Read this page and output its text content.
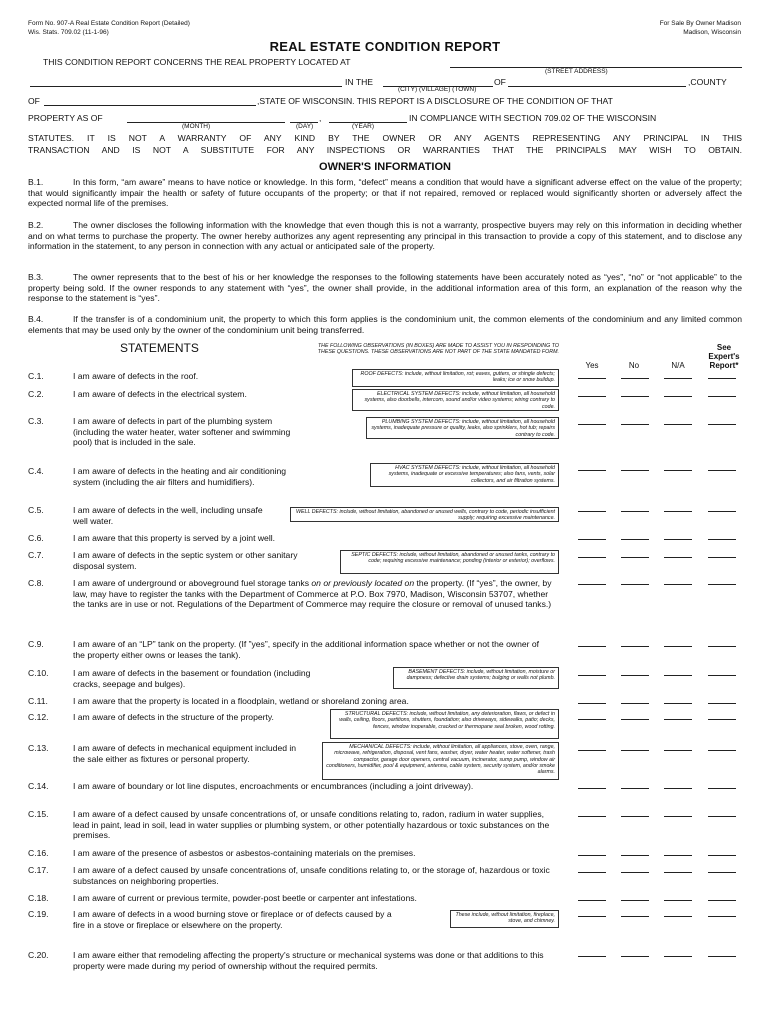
Form No. 907-A Real Estate Condition Report (Detailed)
Wis. Stats. 709.02 (11-1-96)
For Sale By Owner Madison
Madison, Wisconsin
REAL ESTATE CONDITION REPORT
THIS CONDITION REPORT CONCERNS THE REAL PROPERTY LOCATED AT
(STREET ADDRESS)
IN THE	OF	,COUNTY
(CITY) (VILLAGE) (TOWN)
OF	,STATE OF WISCONSIN. THIS REPORT IS A DISCLOSURE OF THE CONDITION OF THAT
PROPERTY AS OF	,	IN COMPLIANCE WITH SECTION 709.02 OF THE WISCONSIN
(MONTH)	(DAY)	(YEAR)
STATUTES. IT IS NOT A WARRANTY OF ANY KIND BY THE OWNER OR ANY AGENTS REPRESENTING ANY PRINCIPAL IN THIS
TRANSACTION AND IS NOT A SUBSTITUTE FOR ANY INSPECTIONS OR WARRANTIES THAT THE PRINCIPALS MAY WISH TO OBTAIN.
OWNER'S INFORMATION
B.1.	In this form, “am aware” means to have notice or knowledge. In this form, “defect” means a condition that would have a significant adverse effect on the value of the property; that would significantly impair the health or safety of future occupants of the property; or that if not repaired, removed or replaced would significantly shorten or adversely affect the expected normal life of the premises.
B.2.	The owner discloses the following information with the knowledge that even though this is not a warranty, prospective buyers may rely on this information in deciding whether and on what terms to purchase the property. The owner hereby authorizes any agent representing any principal in this transaction to provide a copy of this statement, and to disclose any information in the statement, to any person in connection with any actual or anticipated sale of the property.
B.3.	The owner represents that to the best of his or her knowledge the responses to the following statements have been accurately noted as “yes”, “no” or “not applicable” to the property being sold. If the owner responds to any statement with “yes”, the owner shall provide, in the additional information area of this form, an explanation of the reason why the response to the statement is “yes”.
B.4.	If the transfer is of a condominium unit, the property to which this form applies is the condominium unit, the common elements of the condominium and any limited common elements that may be used only by the owner of the condominium unit being transferred.
STATEMENTS	THE FOLLOWING OBSERVATIONS (IN BOXES) ARE MADE TO ASSIST YOU IN RESPOINDING TO THESE QUESTIONS. THESE OBSERVATIONS ARE NOT PART OF THE STATE MANDATED FORM.
Yes	No	N/A
See
Expert's
Report*
C.1.	I am aware of defects in the roof.	ROOF DEFECTS: include, without limitation, rot; eaves, gutters, or shingle defects; leaks; ice or snow buildup.
C.2.	I am aware of defects in the electrical system.	ELECTRICAL SYSTEM DEFECTS: include, without limitation, all household systems, also doorbells, intercom, sound and/or video systems; wiring contrary to code.
C.3.	I am aware of defects in part of the plumbing system (including the water heater, water softener and swimming pool) that is included in the sale.
PLUMBING SYSTEM DEFECTS: include, without limitation, all household systems, inadequate pressure or quality, leaks, also sprinklers, hot tub; repairs contrary to code.
C.4.	I am aware of defects in the heating and air conditioning system (including the air filters and humidifiers).
HVAC SYSTEM DEFECTS: include, without limitation, all household systems, inadequate or excessive temperatures; also fans, vents, solar collectors, and air filtration systems.
C.5.	I am aware of defects in the well, including unsafe well water.
WELL DEFECTS: include, without limitation, abandoned or unused wells, contrary to code, periodic insufficient supply; requiring excessive maintenance.
C.6.	I am aware that this property is served by a joint well.
C.7.	I am aware of defects in the septic system or other sanitary disposal system.
SEPTIC DEFECTS: include, without limitation, abandoned or unused tanks, contrary to code; requiring excessive maintenance; ponding (interior or exterior); overflows.
C.8.	I am aware of underground or aboveground fuel storage tanks on or previously located on the property. (If “yes”, the owner, by law, may have to register the tanks with the Department of Commerce at P.O. Box 7970, Madison, Wisconsin 53707, whether the tanks are in use or not. Regulations of the Department of Commerce may require the closure or removal of unused tanks.)
C.9.	I am aware of an “LP” tank on the property. (If ”yes”, specify in the additional information space whether or not the owner of the property either owns or leases the tank).
C.10.	I am aware of defects in the basement or foundation (including cracks, seepage and bulges).
BASEMENT DEFECTS: include, without limitation, moisture or dampness; defective drain systems; bulging or walls not plumb.
C.11.	I am aware that the property is located in a floodplain, wetland or shoreland zoning area.
C.12.	I am aware of defects in the structure of the property.	STRUCTURAL DEFECTS: include, without limitation, any deterioration, flaws, or defect in walls, ceiling, floors, partitions, shutters, foundation; also driveways, sidewalks, patio; decks, fences, window inoperable, cracked or thermopane seal broken, wood rotting.
C.13.	I am aware of defects in mechanical equipment included in the sale either as fixtures or personal property.
MECHANICAL DEFECTS: include, without limitation, all appliances, stove, oven, range, microwave, refrigeration, disposal, vent fans, washer, dryer, water heater, water softener, trash compactor, garage door openers, central vacuum, incinerator, sump pump, window air conditioners, humidifier, pool & equipment, antenna, cable system, security system, and/or smoke alarms.
C.14.	I am aware of boundary or lot line disputes, encroachments or encumbrances (including a joint driveway).
C.15.	I am aware of a defect caused by unsafe concentrations of, or unsafe conditions relating to, radon, radium in water supplies, lead in paint, lead in soil, lead in water supplies or plumbing system, or other potentially hazardous or toxic substances on the premises.
C.16.	I am aware of the presence of asbestos or asbestos-containing materials on the premises.
C.17.	I am aware of a defect caused by unsafe concentrations of, unsafe conditions relating to, or the storage of, hazardous or toxic substances on neighboring properties.
C.18.	I am aware of current or previous termite, powder-post beetle or carpenter ant infestations.
C.19.	I am aware of defects in a wood burning stove or fireplace or of defects caused by a fire in a stove or fireplace or elsewhere on the property.
These include, without limitation, fireplace, stove, and chimney.
C.20.	I am aware either that remodeling affecting the property's structure or mechanical systems was done or that additions to this property were made during my period of ownership without the required permits.
